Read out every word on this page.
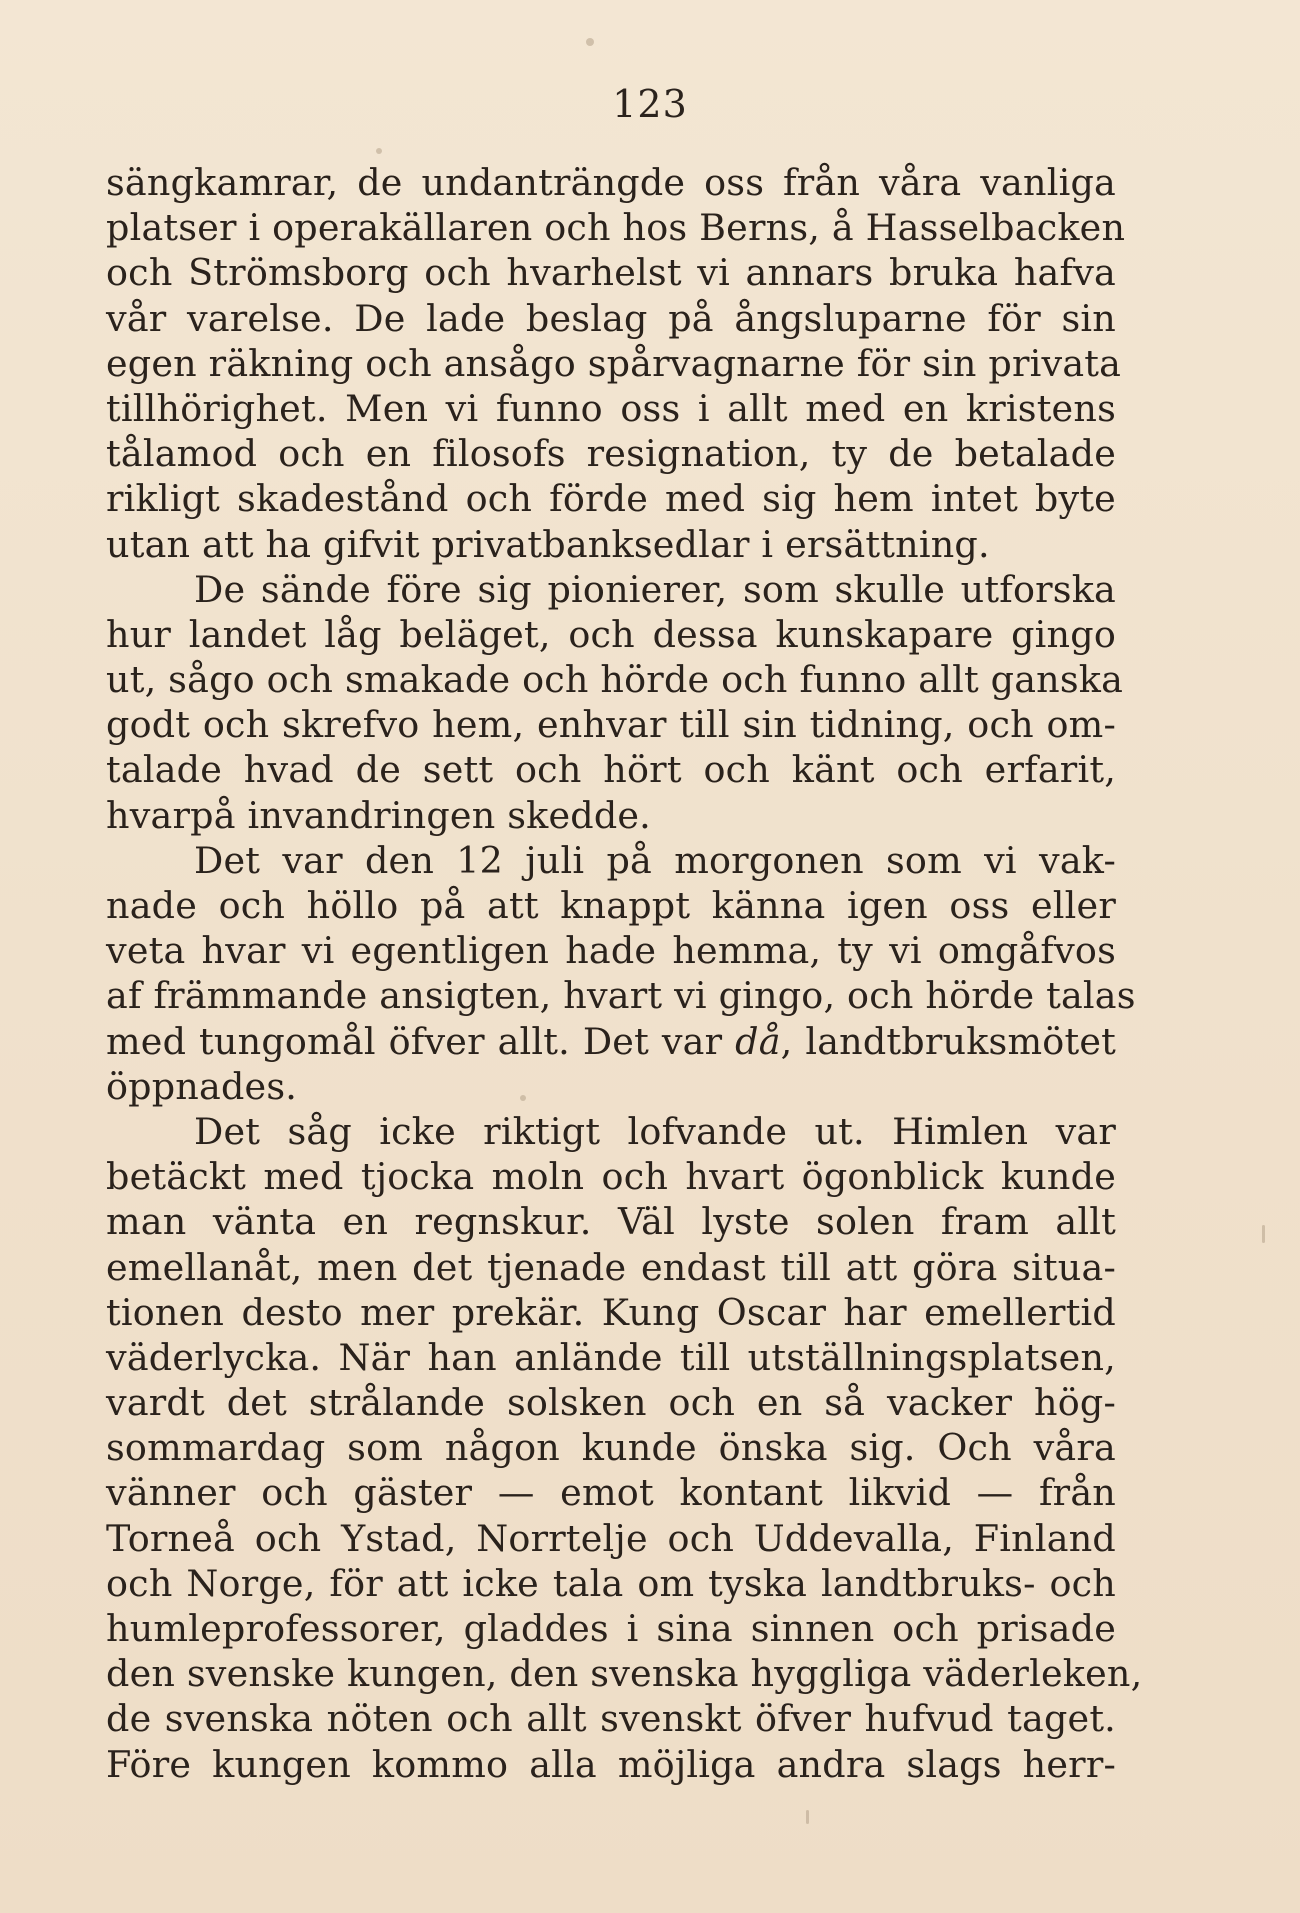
123
sängkamrar, de undanträngde oss från våra vanliga
platser i operakällaren och hos Berns, å Hasselbacken
och Strömsborg och hvarhelst vi annars bruka hafva
vår varelse. De lade beslag på ångsluparne för sin
egen räkning och ansågo spårvagnarne för sin privata
tillhörighet. Men vi funno oss i allt med en kristens
tålamod och en filosofs resignation, ty de betalade
rikligt skadestånd och förde med sig hem intet byte
utan att ha gifvit privatbanksedlar i ersättning.
De sände före sig pionierer, som skulle utforska
hur landet låg beläget, och dessa kunskapare gingo
ut, sågo och smakade och hörde och funno allt ganska
godt och skrefvo hem, enhvar till sin tidning, och om-
talade hvad de sett och hört och känt och erfarit,
hvarpå invandringen skedde.
Det var den 12 juli på morgonen som vi vak-
nade och höllo på att knappt känna igen oss eller
veta hvar vi egentligen hade hemma, ty vi omgåfvos
af främmande ansigten, hvart vi gingo, och hörde talas
med tungomål öfver allt. Det var då, landtbruksmötet
öppnades.
Det såg icke riktigt lofvande ut. Himlen var
betäckt med tjocka moln och hvart ögonblick kunde
man vänta en regnskur. Väl lyste solen fram allt
emellanåt, men det tjenade endast till att göra situa-
tionen desto mer prekär. Kung Oscar har emellertid
väderlycka. När han anlände till utställningsplatsen,
vardt det strålande solsken och en så vacker hög-
sommardag som någon kunde önska sig. Och våra
vänner och gäster — emot kontant likvid — från
Torneå och Ystad, Norrtelje och Uddevalla, Finland
och Norge, för att icke tala om tyska landtbruks- och
humleprofessorer, gladdes i sina sinnen och prisade
den svenske kungen, den svenska hyggliga väderleken,
de svenska nöten och allt svenskt öfver hufvud taget.
Före kungen kommo alla möjliga andra slags herr-
